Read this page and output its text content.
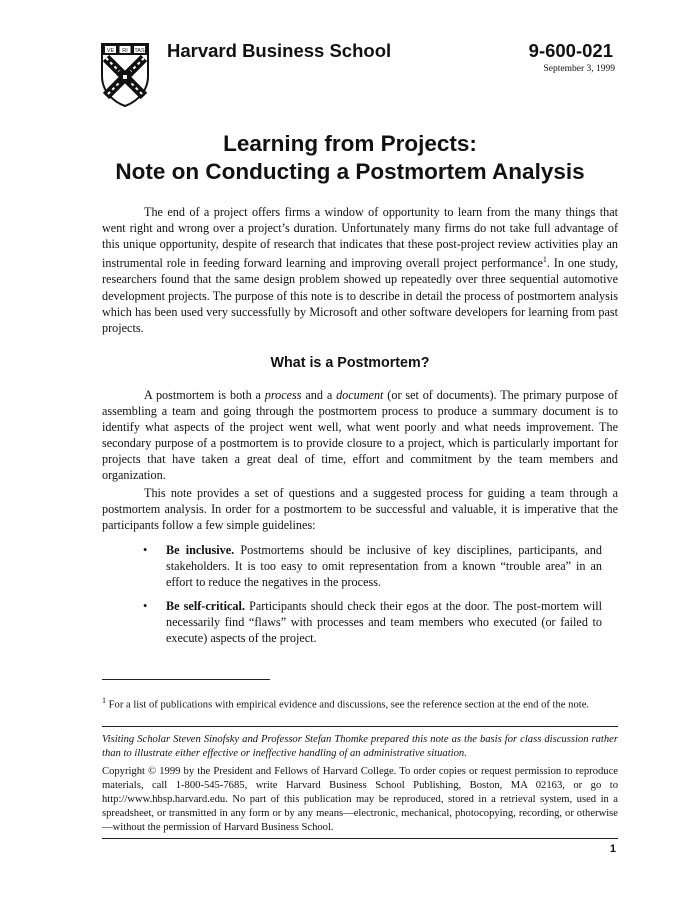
VE RI TAS Harvard Business School	9-600-021
September 3, 1999
Learning from Projects:
Note on Conducting a Postmortem Analysis

The end of a project offers firms a window of opportunity to learn from the many things that went right and wrong over a project’s duration. Unfortunately many firms do not take full advantage of this unique opportunity, despite of research that indicates that these post-project review activities play an instrumental role in feeding forward learning and improving overall project performance$^1$. In one study, researchers found that the same design problem showed up repeatedly over three sequential automotive development projects. The purpose of this note is to describe in detail the process of postmortem analysis which has been used very successfully by Microsoft and other software developers for learning from past projects.

What is a Postmortem?

A postmortem is both a process and a document (or set of documents). The primary purpose of assembling a team and going through the postmortem process to produce a summary document is to identify what aspects of the project went well, what went poorly and what needs improvement. The secondary purpose of a postmortem is to provide closure to a project, which is particularly important for projects that have taken a great deal of time, effort and commitment by the team members and organization.

This note provides a set of questions and a suggested process for guiding a team through a postmortem analysis. In order for a postmortem to be successful and valuable, it is imperative that the participants follow a few simple guidelines:

• Be inclusive. Postmortems should be inclusive of key disciplines, participants, and stakeholders. It is too easy to omit representation from a known “trouble area” in an effort to reduce the negatives in the process.

• Be self-critical. Participants should check their egos at the door. The post-mortem will necessarily find “flaws” with processes and team members who executed (or failed to execute) aspects of the project.

$^1$ For a list of publications with empirical evidence and discussions, see the reference section at the end of the note.

Visiting Scholar Steven Sinofsky and Professor Stefan Thomke prepared this note as the basis for class discussion rather than to illustrate either effective or ineffective handling of an administrative situation.

Copyright © 1999 by the President and Fellows of Harvard College. To order copies or request permission to reproduce materials, call 1-800-545-7685, write Harvard Business School Publishing, Boston, MA 02163, or go to http://www.hbsp.harvard.edu. No part of this publication may be reproduced, stored in a retrieval system, used in a spreadsheet, or transmitted in any form or by any means—electronic, mechanical, photocopying, recording, or otherwise—without the permission of Harvard Business School.

1
